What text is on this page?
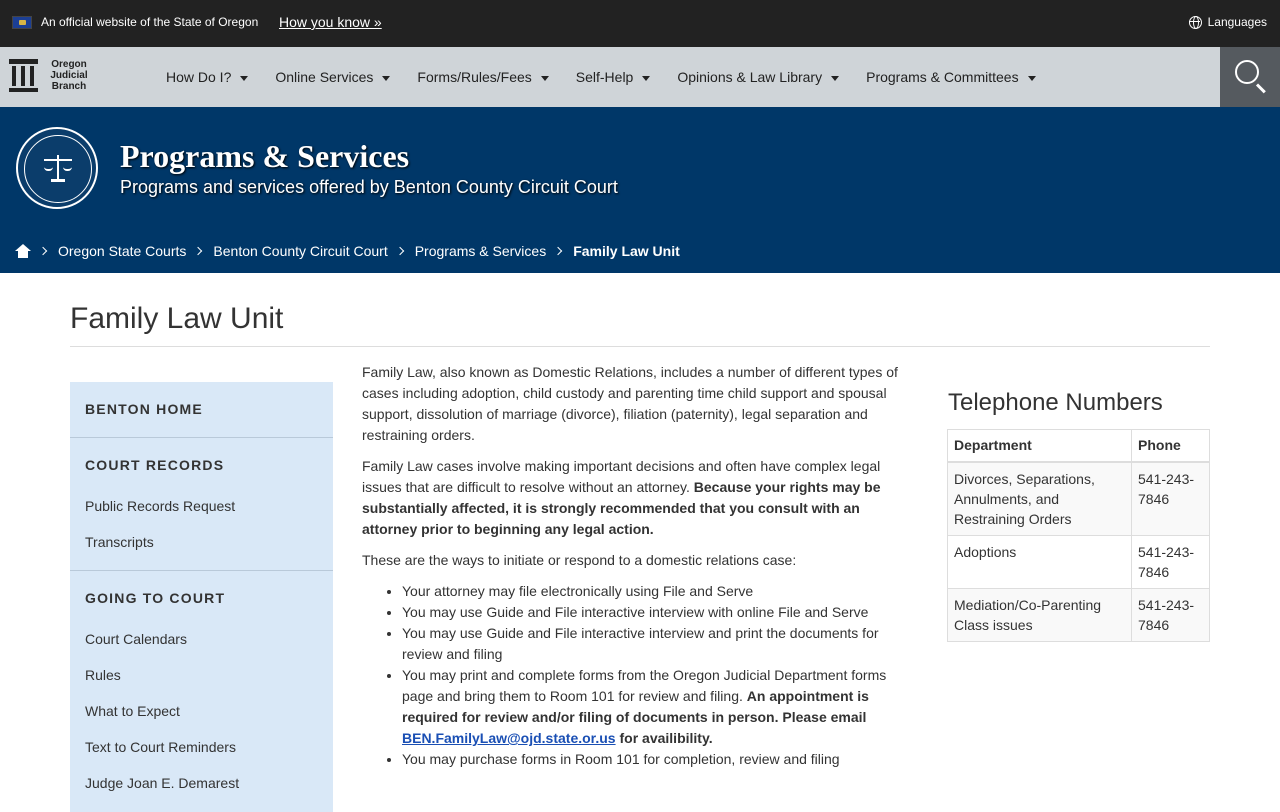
An official website of the State of Oregon How you know »	Languages
Oregon
Judicial
Branch
How Do I?	Online Services	Forms/Rules/Fees	Self-Help	Opinions & Law Library	Programs & Committees
Programs & Services
Programs and services offered by Benton County Circuit Court
Oregon State Courts Benton County Circuit Court Programs & Services Family Law Unit
Family Law Unit
BENTON HOME
COURT RECORDS
Public Records Request
Transcripts
GOING TO COURT
Court Calendars
Rules
What to Expect
Text to Court Reminders
Judge Joan E. Demarest

Family Law, also known as Domestic Relations, includes a number of different types of cases including adoption, child custody and parenting time child support and spousal support, dissolution of marriage (divorce), filiation (paternity), legal separation and restraining orders.

Family Law cases involve making important decisions and often have complex legal issues that are difficult to resolve without an attorney. Because your rights may be substantially affected, it is strongly recommended that you consult with an attorney prior to beginning any legal action.

These are the ways to initiate or respond to a domestic relations case:

• Your attorney may file electronically using File and Serve
• You may use Guide and File interactive interview with online File and Serve
• You may use Guide and File interactive interview and print the documents for review and filing
• You may print and complete forms from the Oregon Judicial Department forms page and bring them to Room 101 for review and filing. An appointment is required for review and/or filing of documents in person. Please email BEN.FamilyLaw@ojd.state.or.us for availibility.
• You may purchase forms in Room 101 for completion, review and filing
Telephone Numbers
Department	Phone
Divorces, Separations, Annulments, and Restraining Orders	541-243-7846
Adoptions	541-243-7846
Mediation/Co-Parenting Class issues	541-243-7846
